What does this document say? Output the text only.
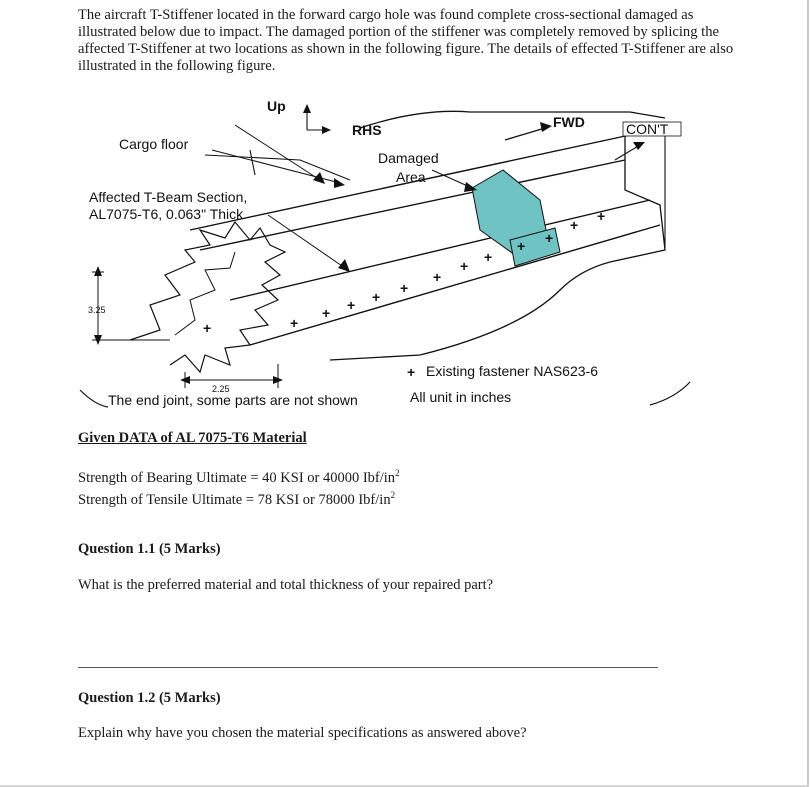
The aircraft T-Stiffener located in the forward cargo hole was found complete cross-sectional damaged as illustrated below due to impact. The damaged portion of the stiffener was completely removed by splicing the affected T-Stiffener at two locations as shown in the following figure. The details of effected T-Stiffener are also illustrated in the following figure.
3.25
2.25
+	+
+ + +
+
+
+
+
+ +
+
+
Up
RHS	FWD	CON'T
Cargo floor
Damaged
Area
Affected T-Beam Section,
AL7075-T6, 0.063" Thick
The end joint, some parts are not shown
+ Existing fastener NAS623-6
All unit in inches
Given DATA of AL 7075-T6 Material
Strength of Bearing Ultimate = 40 KSI or 40000 Ibf/$in^2$
Strength of Tensile Ultimate = 78 KSI or 78000 Ibf/$in^2$
Question 1.1 (5 Marks)
What is the preferred material and total thickness of your repaired part?
Question 1.2 (5 Marks)
Explain why have you chosen the material specifications as answered above?
